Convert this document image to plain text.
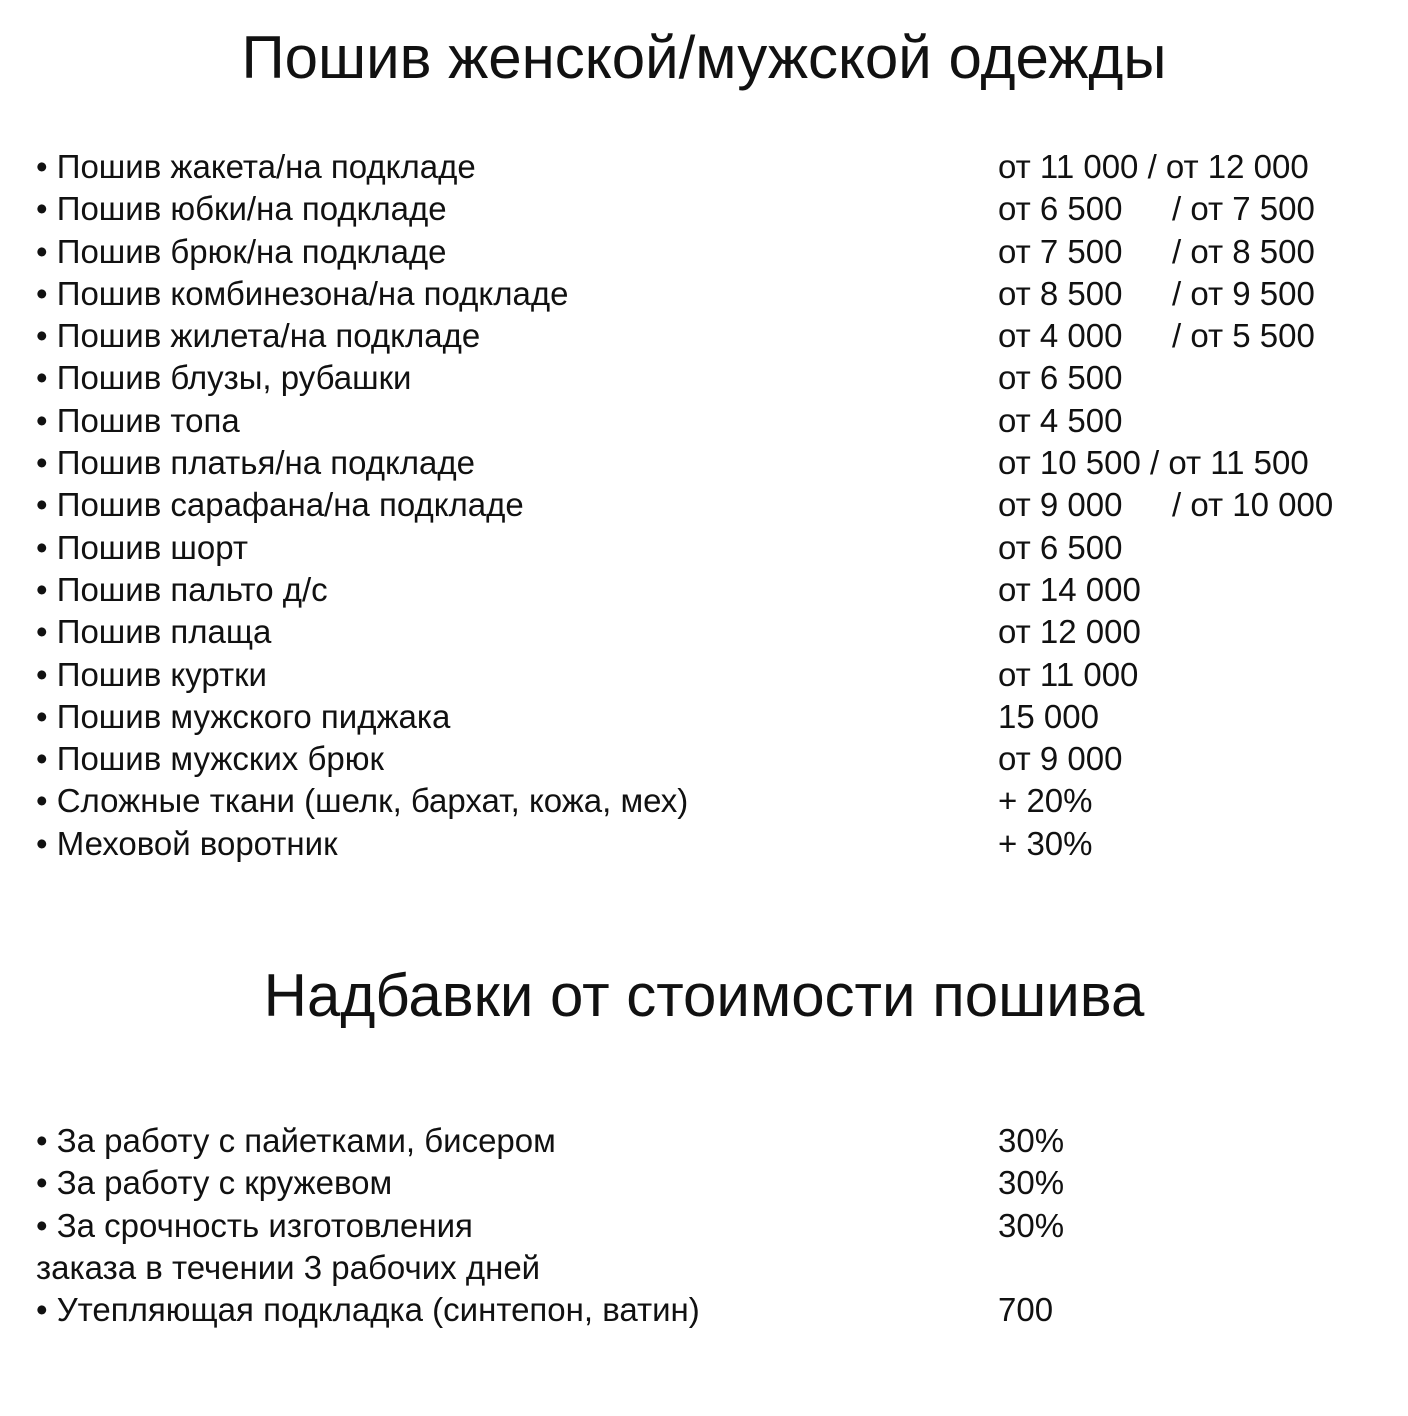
Пошив женской/мужской одежды
• Пошив жакета/на подкладе	от 11 000 / от 12 000
• Пошив юбки/на подкладе	от 6 500 / от 7 500
• Пошив брюк/на подкладе	от 7 500 / от 8 500
• Пошив комбинезона/на подкладе	от 8 500 / от 9 500
• Пошив жилета/на подкладе	от 4 000 / от 5 500
• Пошив блузы, рубашки	от 6 500
• Пошив топа	от 4 500
• Пошив платья/на подкладе	от 10 500 / от 11 500
• Пошив сарафана/на подкладе	от 9 000 / от 10 000
• Пошив шорт	от 6 500
• Пошив пальто д/с	от 14 000
• Пошив плаща	от 12 000
• Пошив куртки	от 11 000
• Пошив мужского пиджака	15 000
• Пошив мужских брюк	от 9 000
• Сложные ткани (шелк, бархат, кожа, мех)	+ 20%
• Меховой воротник	+ 30%
Надбавки от стоимости пошива
• За работу с пайетками, бисером	30%
• За работу с кружевом	30%
• За срочность изготовления	30%
заказа в течении 3 рабочих дней
• Утепляющая подкладка (синтепон, ватин)	700
